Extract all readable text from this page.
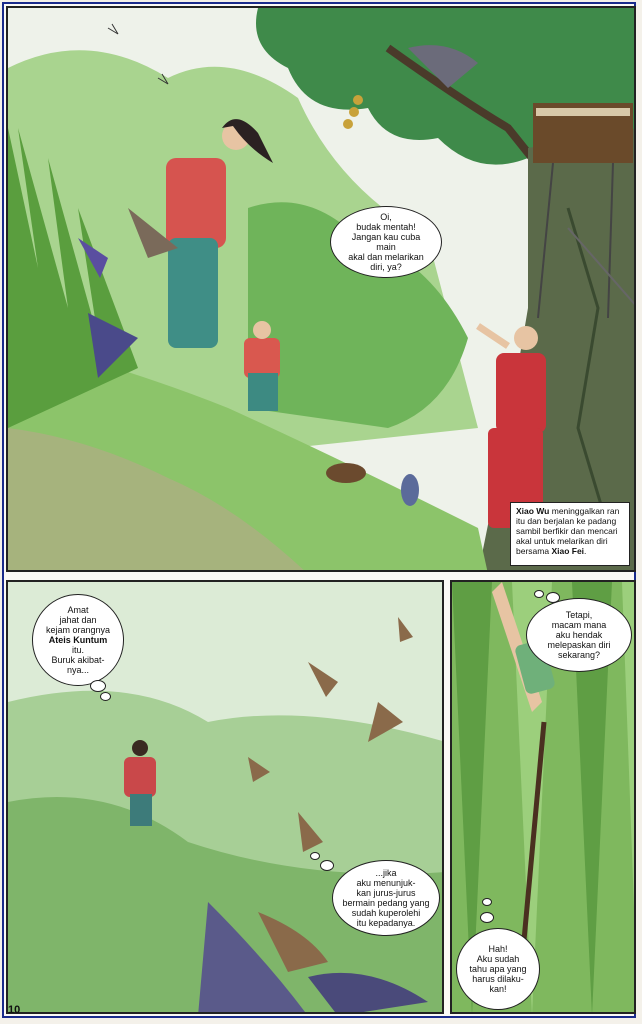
Oi,
budak mentah!
Jangan kau cuba main
akal dan melarikan
diri, ya?
Xiao Wu meninggalkan ran itu dan berjalan ke padang sambil berfikir dan mencari akal untuk melarikan diri bersama Xiao Fei.
Amat
jahat dan
kejam orangnya
Ateis Kuntum
itu.
Buruk akibat-
nya...
...jika
aku menunjuk-
kan jurus-jurus
bermain pedang yang
sudah kuperolehi
itu kepadanya.
Tetapi,
macam mana
aku hendak
melepaskan diri
sekarang?
Hah!
Aku sudah
tahu apa yang
harus dilaku-
kan!
10
